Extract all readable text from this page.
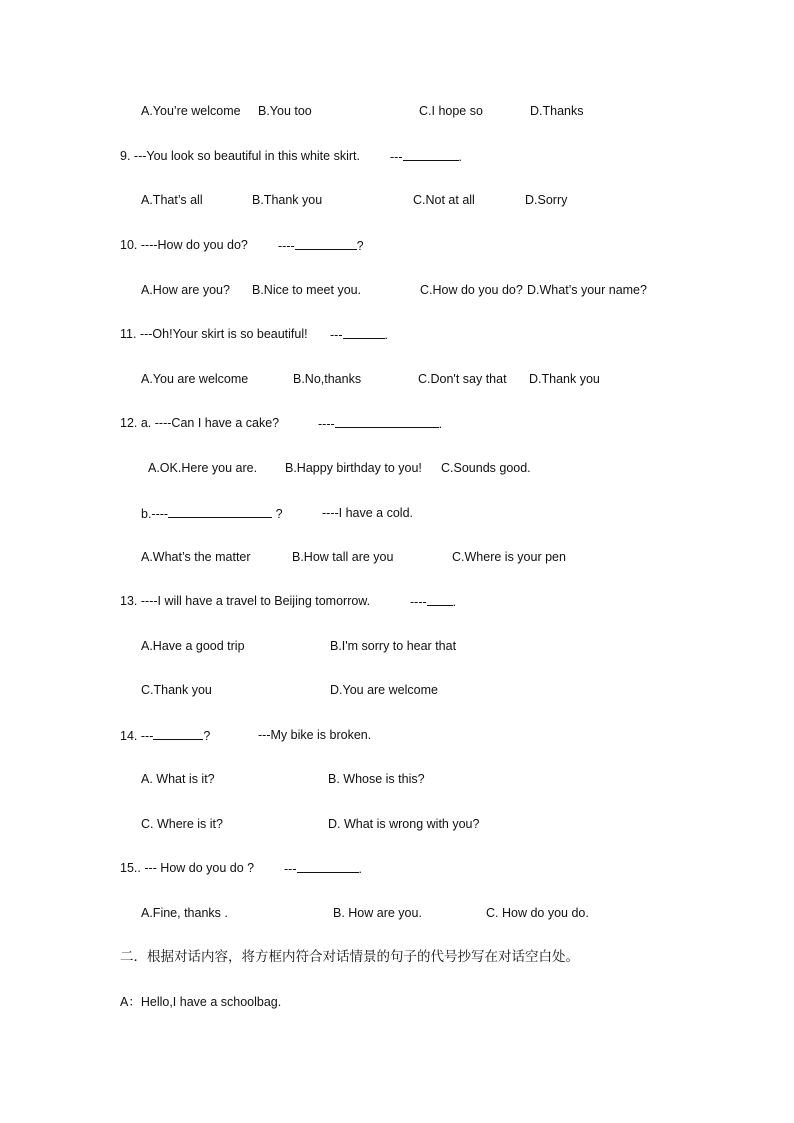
A.You’re welcome B.You too	C.I hope so	D.Thanks
9. ---You look so beautiful in this white skirt. ---	.
A.That’s all	B.Thank you	C.Not at all	D.Sorry
10. ----How do you do? ----	?
A.How are you? B.Nice to meet you.	C.How do you do? D.What’s your name?
11. ---Oh!Your skirt is so beautiful! ---	.
A.You are welcome	B.No,thanks	C.Don't say that D.Thank you
12. a. ----Can I have a cake?	----	.
A.OK.Here you are. B.Happy birthday to you! C.Sounds good.
b.----	?	----I have a cold.
A.What’s the matter	B.How tall are you	C.Where is your pen
13. ----I will have a travel to Beijing tomorrow.	---- .
A.Have a good trip	B.I'm sorry to hear that
C.Thank you	D.You are welcome
14. ---	?	---My bike is broken.
A. What is it?	B. Whose is this?
C. Where is it?	D. What is wrong with you?
15.. --- How do you do ? ---	.
A.Fine, thanks .	B. How are you.	C. How do you do.
二．根据对话内容，将方框内符合对话情景的句子的代号抄写在对话空白处。
A：Hello,I have a schoolbag.
